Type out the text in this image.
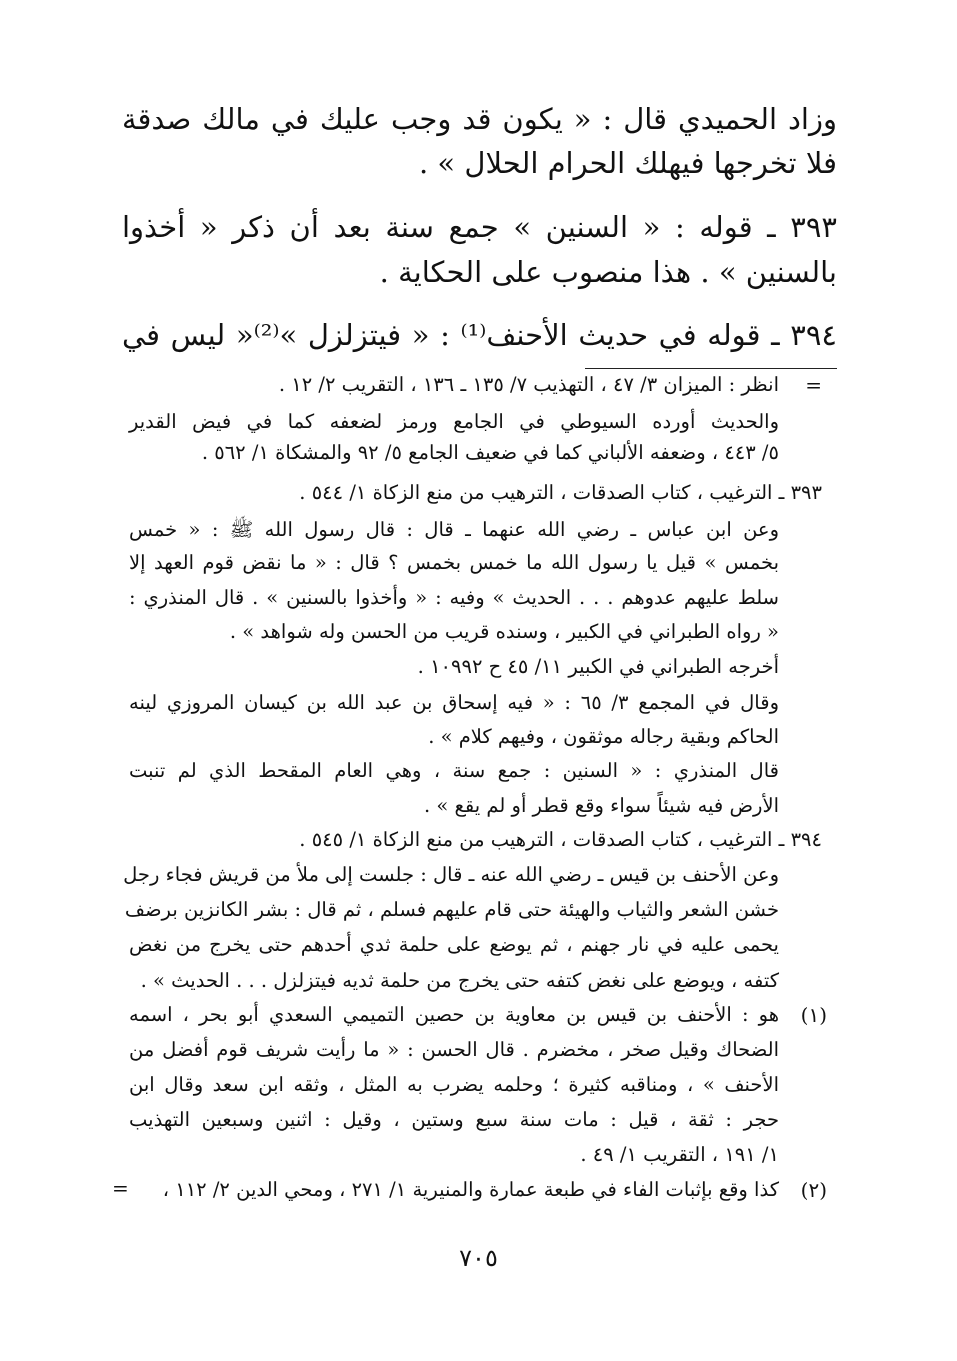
وزاد الحميدي قال : « يكون قد وجب عليك في مالك صدقة
فلا تخرجها فيهلك الحرام الحلال » .
٣٩٣ ـ قوله : « السنين » جمع سنة بعد أن ذكر « أخذوا
بالسنين » . هذا منصوب على الحكاية .
٣٩٤ ـ قوله في حديث الأحنف⁽¹⁾ : « فيتزلزل »⁽²⁾« ليس في
=
انظر : الميزان ٣/ ٤٧ ، التهذيب ٧/ ١٣٥ ـ ١٣٦ ، التقريب ٢/ ١٢ .
والحديث أورده السيوطي في الجامع ورمز لضعفه كما في فيض القدير
٥/ ٤٤٣ ، وضعفه الألباني كما في ضعيف الجامع ٥/ ٩٢ والمشكاة ١/ ٥٦٢ .
٣٩٣ ـ الترغيب ، كتاب الصدقات ، الترهيب من منع الزكاة ١/ ٥٤٤ .
وعن ابن عباس ـ رضي الله عنهما ـ قال : قال رسول الله ﷺ : « خمس
بخمس » قيل يا رسول الله ما خمس بخمس ؟ قال : « ما نقض قوم العهد إلا
سلط عليهم عدوهم . . . الحديث » وفيه : « وأخذوا بالسنين » . قال المنذري :
« رواه الطبراني في الكبير ، وسنده قريب من الحسن وله شواهد » .
أخرجه الطبراني في الكبير ١١/ ٤٥ ح ١٠٩٩٢ .
وقال في المجمع ٣/ ٦٥ : « فيه إسحاق بن عبد الله بن كيسان المروزي لينه
الحاكم وبقية رجاله موثقون ، وفيهم كلام » .
قال المنذري : « السنين : جمع سنة ، وهي العام المقحط الذي لم تنبت
الأرض فيه شيئاً سواء وقع قطر أو لم يقع » .
٣٩٤ ـ الترغيب ، كتاب الصدقات ، الترهيب من منع الزكاة ١/ ٥٤٥ .
وعن الأحنف بن قيس ـ رضي الله عنه ـ قال : جلست إلى ملأ من قريش فجاء رجل
خشن الشعر والثياب والهيئة حتى قام عليهم فسلم ، ثم قال : بشر الكانزين برضف
يحمى عليه في نار جهنم ، ثم يوضع على حلمة ثدي أحدهم حتى يخرج من نغض
كتفه ، ويوضع على نغض كتفه حتى يخرج من حلمة ثديه فيتزلزل . . . الحديث » .
(١)
هو : الأحنف بن قيس بن معاوية بن حصين التميمي السعدي أبو بحر ، اسمه
الضحاك وقيل صخر ، مخضرم . قال الحسن : « ما رأيت شريف قوم أفضل من
الأحنف » ، ومناقبه كثيرة ؛ وحلمه يضرب به المثل ، وثقه ابن سعد وقال ابن
حجر : ثقة ، قيل : مات سنة سبع وستين ، وقيل : اثنين وسبعين التهذيب
١/ ١٩١ ، التقريب ١/ ٤٩ .
(٢)
كذا وقع بإثبات الفاء في طبعة عمارة والمنيرية ١/ ٢٧١ ، ومحي الدين ٢/ ١١٢ ،
=
٧٠٥
